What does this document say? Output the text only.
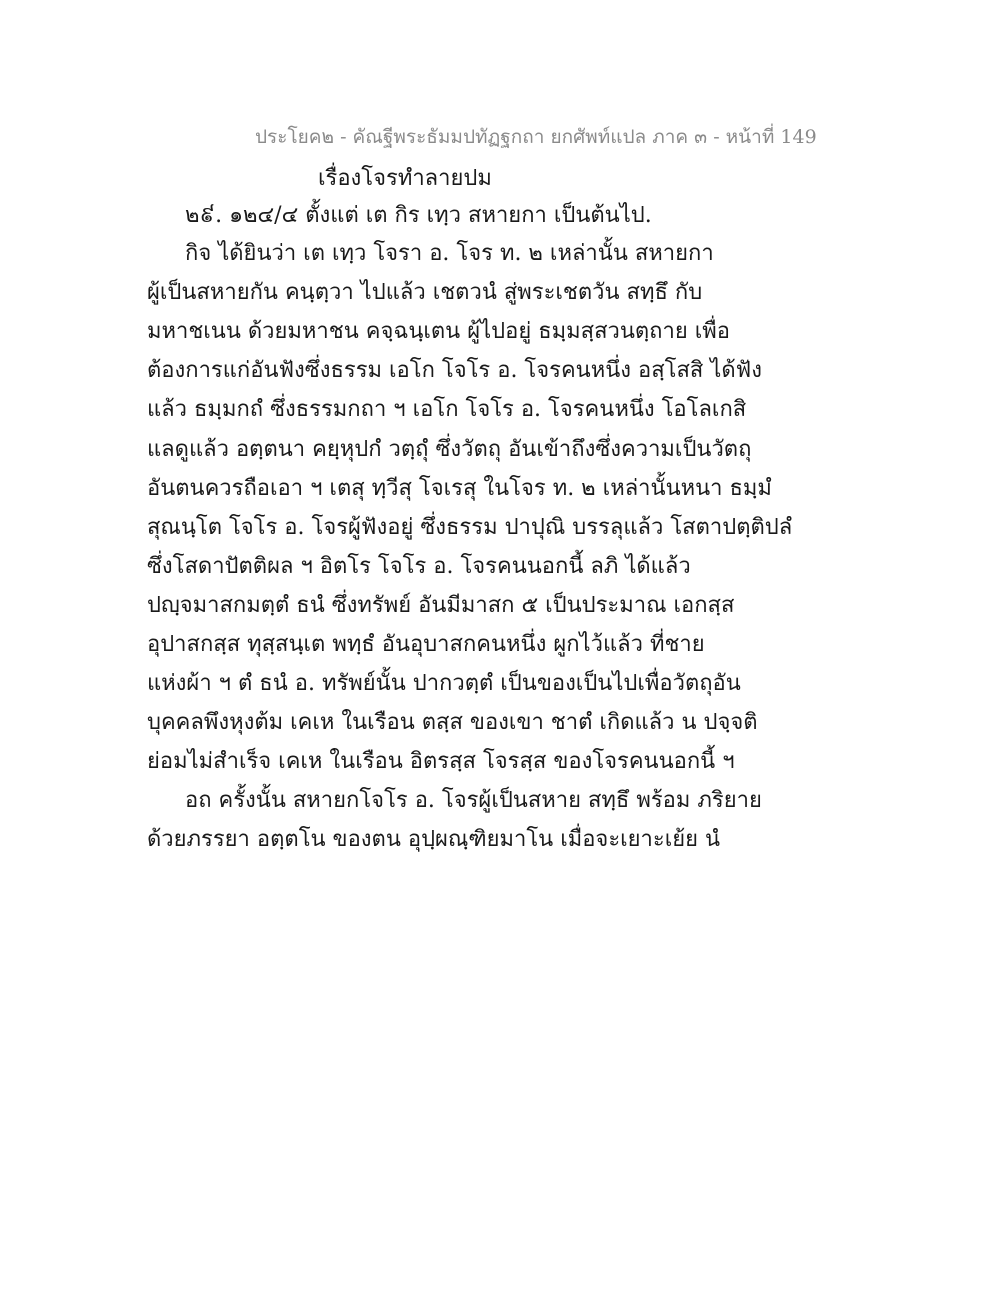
ประโยค๒ - คัณฐีพระธัมมปทัฏฐกถา ยกศัพท์แปล ภาค ๓ - หน้าที่ 149
เรื่องโจรทำลายปม
๒៩. ๑๒๔/๔ ตั้งแต่ เต กิร เทฺว สหายกา เป็นต้นไป.
กิจ ได้ยินว่า เต เทฺว โจรา อ. โจร ท. ๒ เหล่านั้น สหายกา
ผู้เป็นสหายกัน คนฺตฺวา ไปแล้ว เชตวนํ สู่พระเชตวัน สทฺธึ กับ
มหาชเนน ด้วยมหาชน คจฺฉนฺเตน ผู้ไปอยู่ ธมฺมสฺสวนตฺถาย เพื่อ
ต้องการแก่อันฟังซึ่งธรรม เอโก โจโร อ. โจรคนหนึ่ง อสฺโสสิ ได้ฟัง
แล้ว ธมฺมกถํ ซึ่งธรรมกถา ฯ เอโก โจโร อ. โจรคนหนึ่ง โอโลเกสิ
แลดูแล้ว อตฺตนา คยฺหุปกํ วตฺถุํ ซึ่งวัตถุ อันเข้าถึงซึ่งความเป็นวัตถุ
อันตนควรถือเอา ฯ เตสุ ทฺวีสุ โจเรสุ ในโจร ท. ๒ เหล่านั้นหนา ธมฺมํ
สุณนฺโต โจโร อ. โจรผู้ฟังอยู่ ซึ่งธรรม ปาปุณิ บรรลุแล้ว โสตาปตฺติปลํ
ซึ่งโสดาปัตติผล ฯ อิตโร โจโร อ. โจรคนนอกนี้ ลภิ ได้แล้ว
ปญฺจมาสกมตฺตํ ธนํ ซึ่งทรัพย์ อันมีมาสก ๕ เป็นประมาณ เอกสฺส
อุปาสกสฺส ทุสฺสนฺเต พทฺธํ อันอุบาสกคนหนึ่ง ผูกไว้แล้ว ที่ชาย
แห่งผ้า ฯ ตํ ธนํ อ. ทรัพย์นั้น ปากวตฺตํ เป็นของเป็นไปเพื่อวัตถุอัน
บุคคลพึงหุงต้ม เคเห ในเรือน ตสฺส ของเขา ชาตํ เกิดแล้ว น ปจฺจติ
ย่อมไม่สำเร็จ เคเห ในเรือน อิตรสฺส โจรสฺส ของโจรคนนอกนี้ ฯ
อถ ครั้งนั้น สหายกโจโร อ. โจรผู้เป็นสหาย สทฺธึ พร้อม ภริยาย
ด้วยภรรยา อตฺตโน ของตน อุปฺผณฺฑิยมาโน เมื่อจะเยาะเย้ย นํ
